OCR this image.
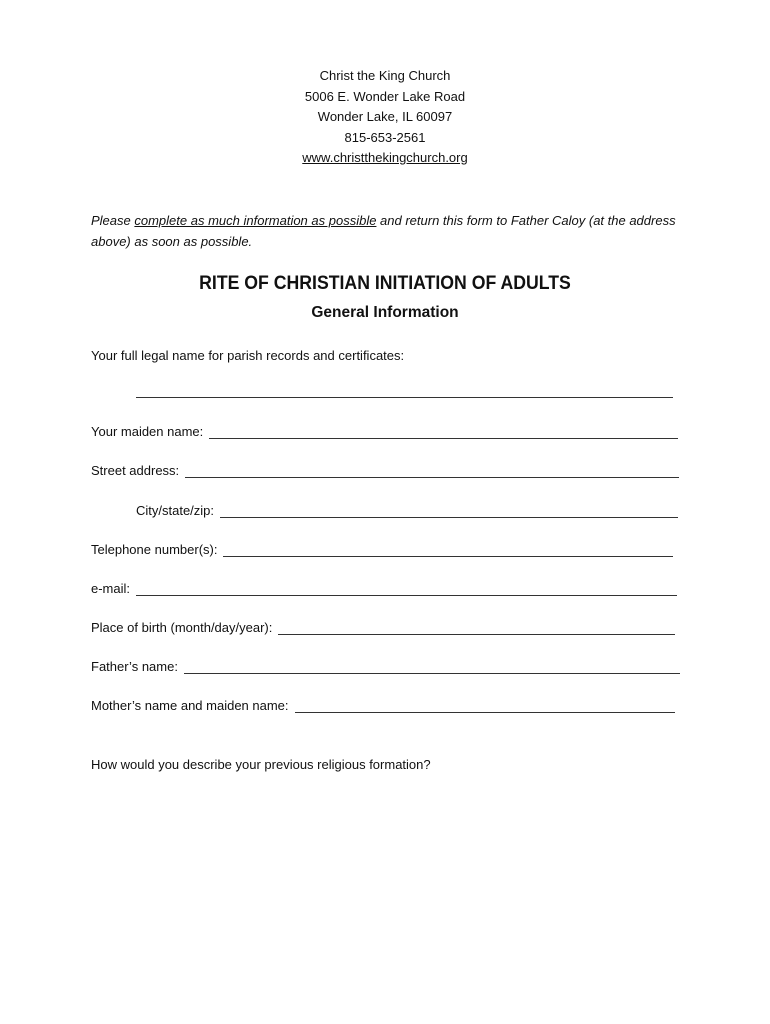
Christ the King Church
5006 E. Wonder Lake Road
Wonder Lake, IL 60097
815-653-2561
www.christthekingchurch.org
Please complete as much information as possible and return this form to Father Caloy (at the address above) as soon as possible.
RITE OF CHRISTIAN INITIATION OF ADULTS
General Information
Your full legal name for parish records and certificates:
Your maiden name:
Street address:
City/state/zip:
Telephone number(s):
e-mail:
Place of birth (month/day/year):
Father’s name:
Mother’s name and maiden name:
How would you describe your previous religious formation?
